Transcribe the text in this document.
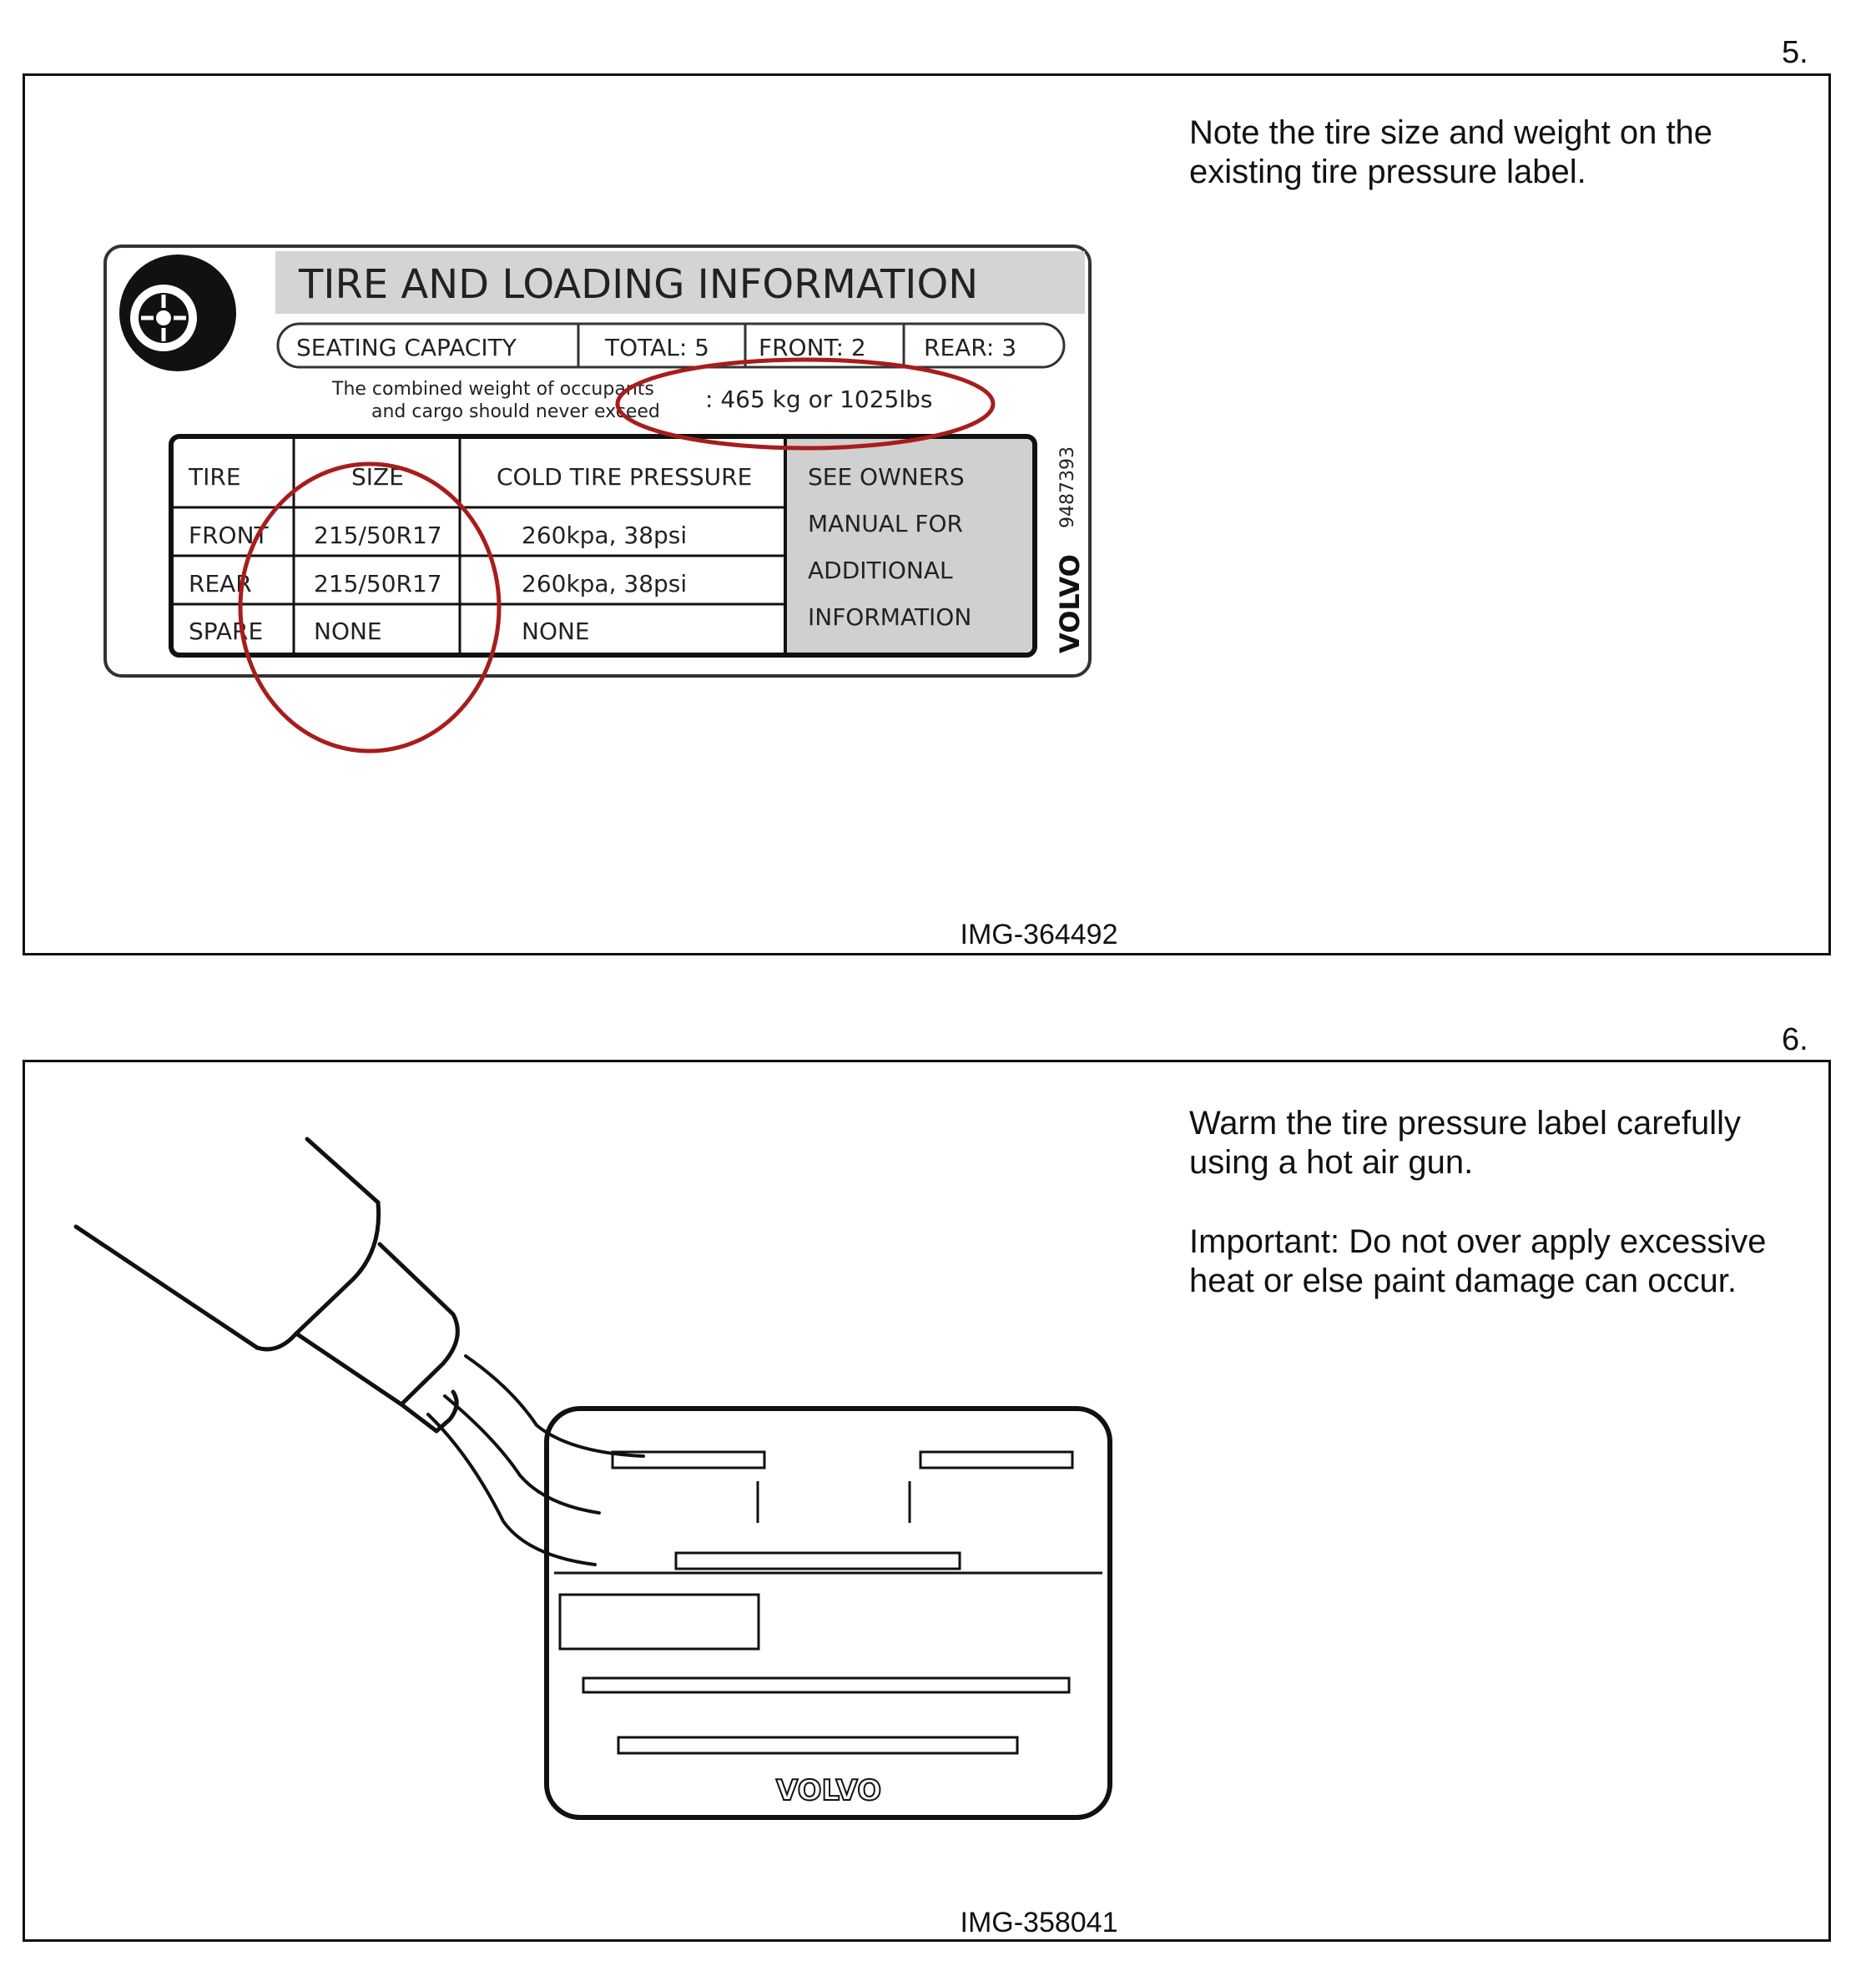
5.

Note the tire size and weight on the existing tire pressure label.

TIRE AND LOADING INFORMATION
SEATING CAPACITY	TOTAL: 5 FRONT: 2 REAR: 3
The combined weight of occupants
and cargo should never exceed : 465 kg or 1025lbs
TIRE	SIZE	COLD TIRE PRESSURE
FRONT 215/50R17	260kpa, 38psi
REAR	215/50R17	260kpa, 38psi
SPARE NONE	NONE
SEE OWNERS
MANUAL FOR
ADDITIONAL
INFORMATION
9487393
VOLVO
IMG-364492
6.

Warm the tire pressure label carefully using a hot air gun.

Important: Do not over apply excessive heat or else paint damage can occur.

VOLVO
IMG-358041
